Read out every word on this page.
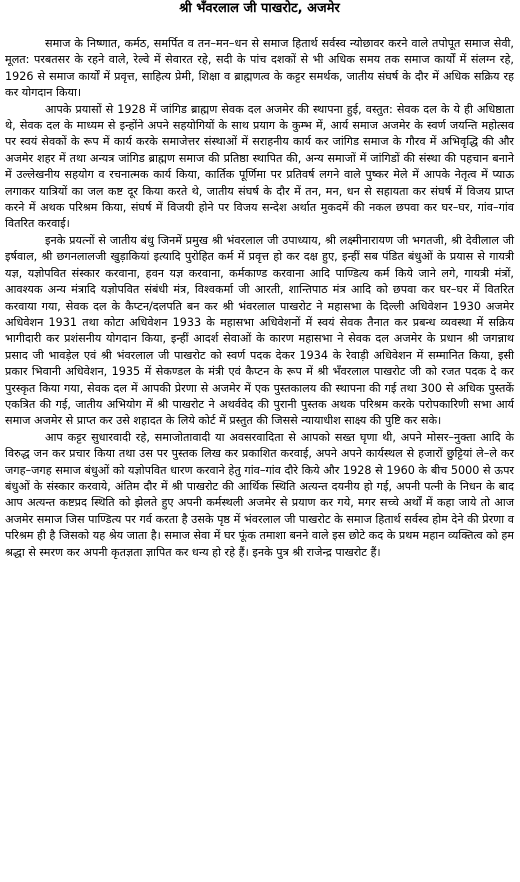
श्री भँवरलाल जी पाखरोट, अजमेर

समाज के निष्णात, कर्मठ, समर्पित व तन–मन–धन से समाज हितार्थ सर्वस्व न्योछावर करने वाले तपोपूत समाज सेवी, मूलत: परबतसर के रहने वाले, रेल्वे में सेवारत रहे, सदी के पांच दशकों से भी अधिक समय तक समाज कार्यों में संलग्न रहे, 1926 से समाज कार्यों में प्रवृत्त, साहित्य प्रेमी, शिक्षा व ब्राह्मणत्व के कट्टर समर्थक, जातीय संघर्ष के दौर में अधिक सक्रिय रह कर योगदान किया।

आपके प्रयासों से 1928 में जांगिड ब्राह्मण सेवक दल अजमेर की स्थापना हुई, वस्तुत: सेवक दल के ये ही अधिष्ठाता थे, सेवक दल के माध्यम से इन्होंने अपने सहयोगियों के साथ प्रयाग के कुम्भ में, आर्य समाज अजमेर के स्वर्ण जयन्ति महोत्सव पर स्वयं सेवकों के रूप में कार्य करके समाजेत्तर संस्थाओं में सराहनीय कार्य कर जांगिड समाज के गौरव में अभिवृद्धि की और अजमेर शहर में तथा अन्यत्र जांगिड ब्राह्मण समाज की प्रतिष्ठा स्थापित की, अन्य समाजों में जांगिडों की संस्था की पहचान बनाने में उल्लेखनीय सहयोग व रचनात्मक कार्य किया, कार्तिक पूर्णिमा पर प्रतिवर्ष लगने वाले पुष्कर मेले में आपके नेतृत्व में प्याऊ लगाकर यात्रियों का जल कष्ट दूर किया करते थे, जातीय संघर्ष के दौर में तन, मन, धन से सहायता कर संघर्ष में विजय प्राप्त करने में अथक परिश्रम किया, संघर्ष में विजयी होने पर विजय सन्देश अर्थात मुकदमें की नकल छपवा कर घर–घर, गांव–गांव वितरित करवाई।

इनके प्रयत्नों से जातीय बंधु जिनमें प्रमुख श्री भंवरलाल जी उपाध्याय, श्री लक्ष्मीनारायण जी भगतजी, श्री देवीलाल जी इर्षवाल, श्री छगनलालजी खुड़ाकियां इत्यादि पुरोहित कर्म में प्रवृत्त हो कर दक्ष हुए, इन्हीं सब पंडित बंधुओं के प्रयास से गायत्री यज्ञ, यज्ञोपवित संस्कार करवाना, हवन यज्ञ करवाना, कर्मकाण्ड करवाना आदि पाण्डित्य कर्म किये जाने लगे, गायत्री मंत्रों, आवश्यक अन्य मंत्रादि यज्ञोपवित संबंधी मंत्र, विश्वकर्मा जी आरती, शान्तिपाठ मंत्र आदि को छपवा कर घर–घर में वितरित करवाया गया, सेवक दल के कैप्टन/दलपति बन कर श्री भंवरलाल पाखरोट ने महासभा के दिल्ली अधिवेशन 1930 अजमेर अधिवेशन 1931 तथा कोटा अधिवेशन 1933 के महासभा अधिवेशनों में स्वयं सेवक तैनात कर प्रबन्ध व्यवस्था में सक्रिय भागीदारी कर प्रशंसनीय योगदान किया, इन्हीं आदर्श सेवाओं के कारण महासभा ने सेवक दल अजमेर के प्रधान श्री जगन्नाथ प्रसाद जी भावड़ेल एवं श्री भंवरलाल जी पाखरोट को स्वर्ण पदक देकर 1934 के रेवाड़ी अधिवेशन में सम्मानित किया, इसी प्रकार भिवानी अधिवेशन, 1935 में सेकण्डल के मंत्री एवं कैप्टन के रूप में श्री भँवरलाल पाखरोट जी को रजत पदक दे कर पुरस्कृत किया गया, सेवक दल में आपकी प्रेरणा से अजमेर में एक पुस्तकालय की स्थापना की गई तथा 300 से अधिक पुस्तकें एकत्रित की गई, जातीय अभियोग में श्री पाखरोट ने अथर्ववेद की पुरानी पुस्तक अथक परिश्रम करके परोपकारिणी सभा आर्य समाज अजमेर से प्राप्त कर उसे शहादत के लिये कोर्ट में प्रस्तुत की जिससे न्यायाधीश साक्ष्य की पुष्टि कर सके।

आप कट्टर सुधारवादी रहे, समाजोतावादी या अवसरवादिता से आपको सख्त घृणा थी, अपने मोसर–नुक्ता आदि के विरुद्ध जन कर प्रचार किया तथा उस पर पुस्तक लिख कर प्रकाशित करवाई, अपने अपने कार्यस्थल से हजारों छुट्टियां ले–ले कर जगह–जगह समाज बंधुओं को यज्ञोपवित धारण करवाने हेतु गांव–गांव दौरे किये और 1928 से 1960 के बीच 5000 से ऊपर बंधुओं के संस्कार करवाये, अंतिम दौर में श्री पाखरोट की आर्थिक स्थिति अत्यन्त दयनीय हो गई, अपनी पत्नी के निधन के बाद आप अत्यन्त कष्टप्रद स्थिति को झेलते हुए अपनी कर्मस्थली अजमेर से प्रयाण कर गये, मगर सच्चे अर्थों में कहा जाये तो आज अजमेर समाज जिस पाण्डित्य पर गर्व करता है उसके पृष्ठ में भंवरलाल जी पाखरोट के समाज हितार्थ सर्वस्व होम देने की प्रेरणा व परिश्रम ही है जिसको यह श्रेय जाता है। समाज सेवा में घर फूंक तमाशा बनने वाले इस छोटे कद के प्रथम महान व्यक्तित्व को हम श्रद्धा से स्मरण कर अपनी कृतज्ञता ज्ञापित कर धन्य हो रहे हैं। इनके पुत्र श्री राजेन्द्र पाखरोट हैं।
